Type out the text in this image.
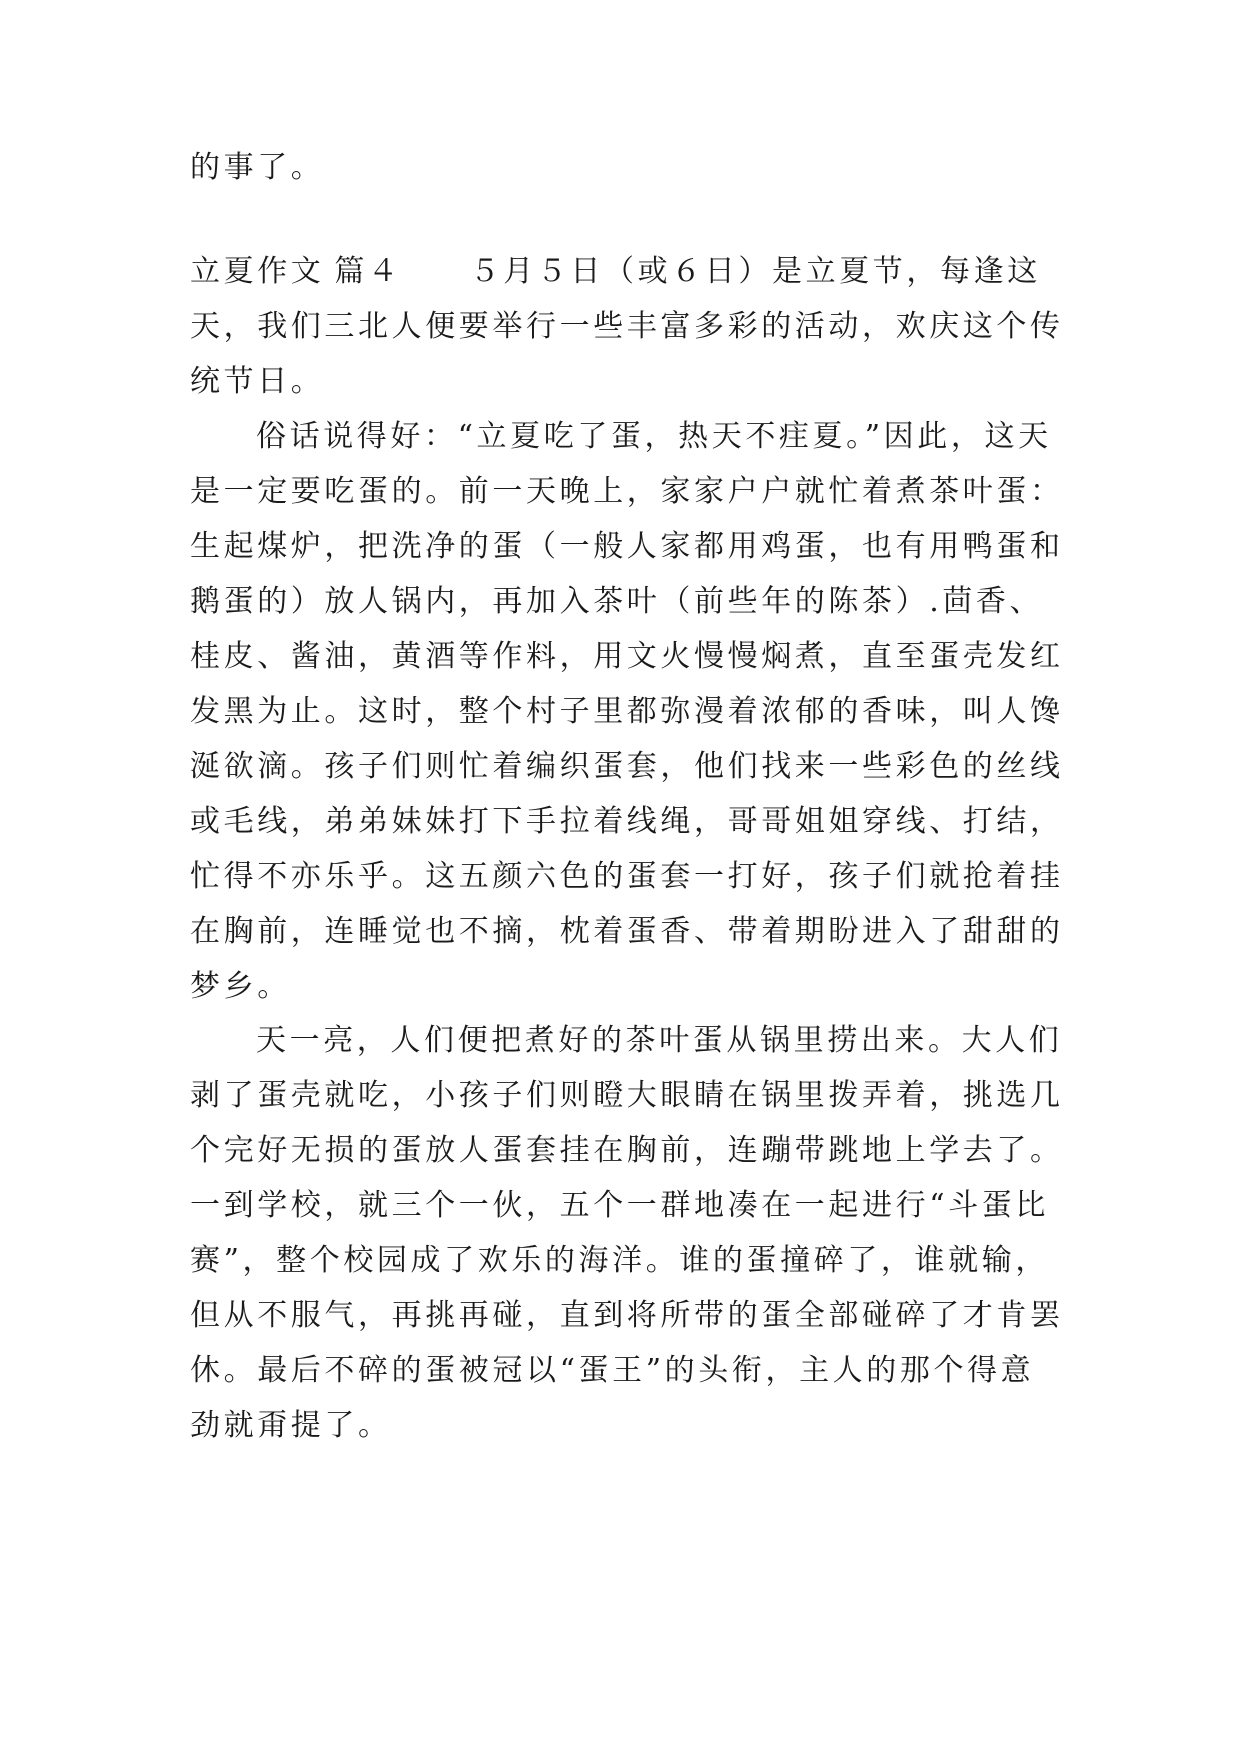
的事了。
立夏作文 篇４ ５月５日（或６日）是立夏节，每逢这
天，我们三北人便要举行一些丰富多彩的活动，欢庆这个传
统节日。
俗话说得好：“立夏吃了蛋，热天不疰夏。”因此，这天
是一定要吃蛋的。前一天晚上，家家户户就忙着煮茶叶蛋：
生起煤炉，把洗净的蛋（一般人家都用鸡蛋，也有用鸭蛋和
鹅蛋的）放人锅内，再加入茶叶（前些年的陈茶）.茴香、
桂皮、酱油，黄酒等作料，用文火慢慢焖煮，直至蛋壳发红
发黑为止。这时，整个村子里都弥漫着浓郁的香味，叫人馋
涎欲滴。孩子们则忙着编织蛋套，他们找来一些彩色的丝线
或毛线，弟弟妹妹打下手拉着线绳，哥哥姐姐穿线、打结，
忙得不亦乐乎。这五颜六色的蛋套一打好，孩子们就抢着挂
在胸前，连睡觉也不摘，枕着蛋香、带着期盼进入了甜甜的
梦乡。
天一亮，人们便把煮好的茶叶蛋从锅里捞出来。大人们
剥了蛋壳就吃，小孩子们则瞪大眼睛在锅里拨弄着，挑选几
个完好无损的蛋放人蛋套挂在胸前，连蹦带跳地上学去了。
一到学校，就三个一伙，五个一群地凑在一起进行“斗蛋比
赛”，整个校园成了欢乐的海洋。谁的蛋撞碎了，谁就输，
但从不服气，再挑再碰，直到将所带的蛋全部碰碎了才肯罢
休。最后不碎的蛋被冠以“蛋王”的头衔，主人的那个得意
劲就甭提了。
